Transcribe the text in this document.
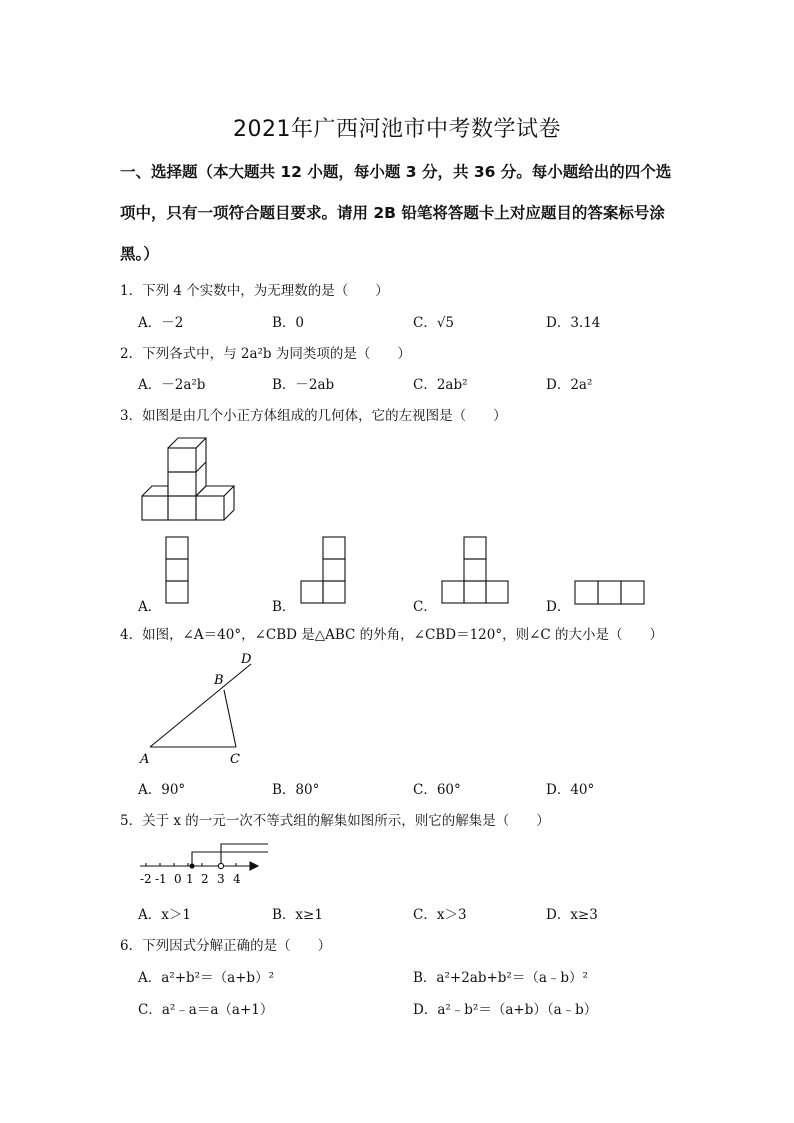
2021年广西河池市中考数学试卷
一、选择题（本大题共 12 小题，每小题 3 分，共 36 分。每小题给出的四个选
项中，只有一项符合题目要求。请用 2B 铅笔将答题卡上对应题目的答案标号涂
黑。）
1．下列 4 个实数中，为无理数的是（　　）
A．－2	B．0	C．√5	D．3.14
2．下列各式中，与 2a²b 为同类项的是（　　）
A．－2a²b	B．－2ab	C．2ab²	D．2a²
3．如图是由几个小正方体组成的几何体，它的左视图是（　　）
A．	B．	C．	D．
4．如图，∠A＝40°，∠CBD 是△ABC 的外角，∠CBD＝120°，则∠C 的大小是（　　）
D
B
A	C
A．90°	B．80°	C．60°	D．40°
5．关于 x 的一元一次不等式组的解集如图所示，则它的解集是（　　）
-2 -1 0 1 2 3 4
A．x＞1	B．x≥1	C．x＞3	D．x≥3
6．下列因式分解正确的是（　　）
A．a²+b²＝（a+b）²	B．a²+2ab+b²＝（a﹣b）²
C．a²﹣a＝a（a+1）	D．a²﹣b²＝（a+b）（a﹣b）
